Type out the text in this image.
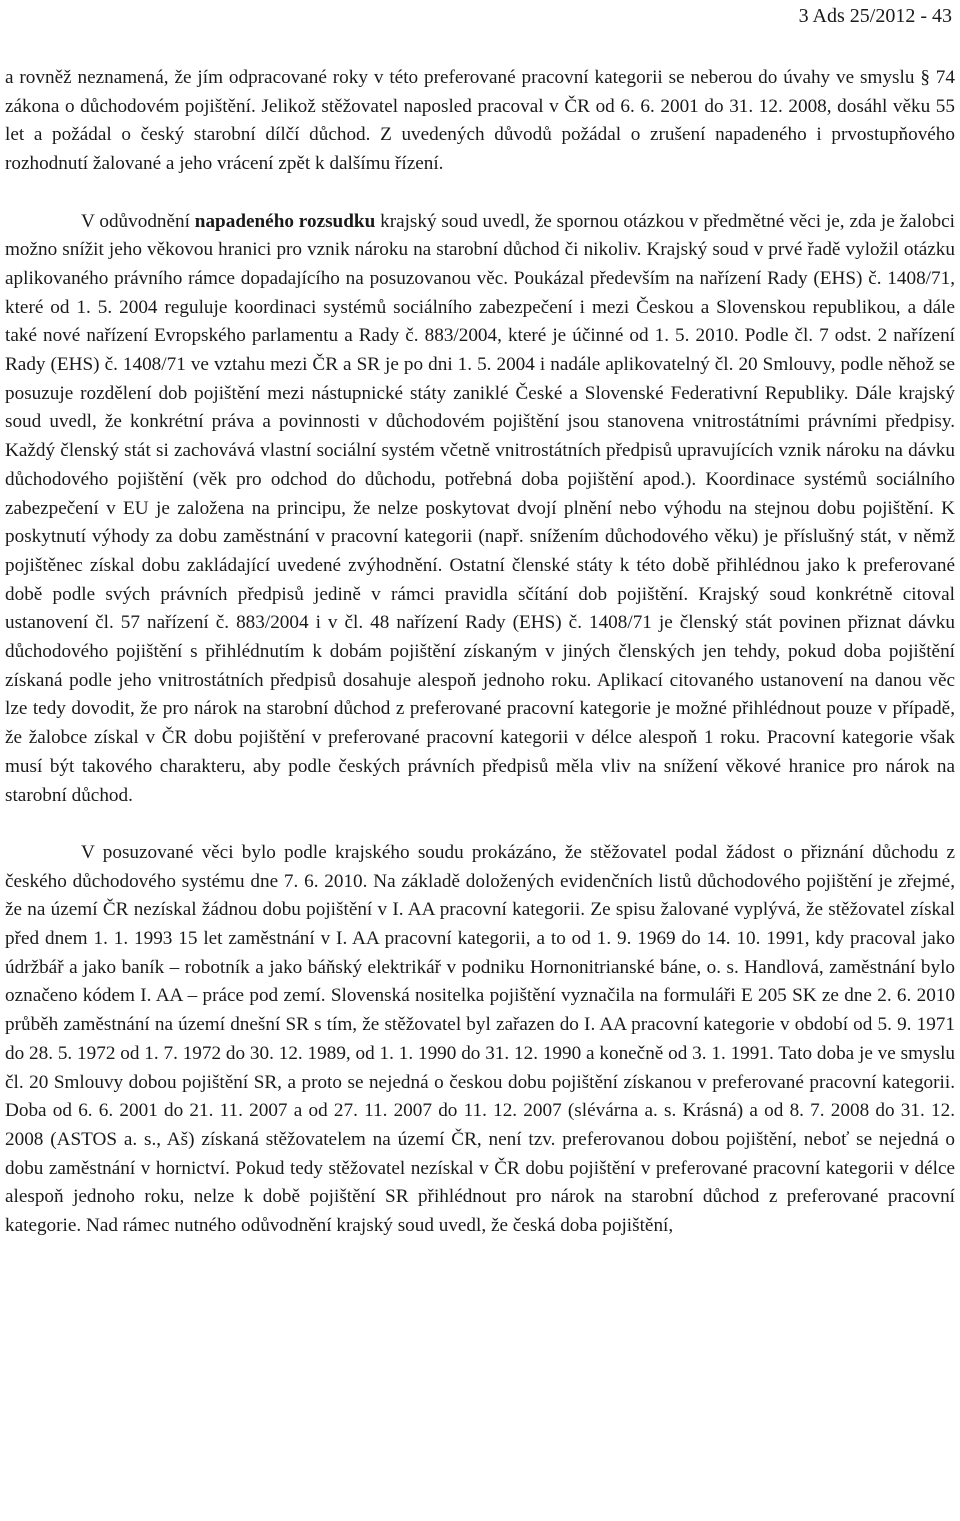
3 Ads 25/2012 - 43

a rovněž neznamená, že jím odpracované roky v této preferované pracovní kategorii se neberou do úvahy ve smyslu § 74 zákona o důchodovém pojištění. Jelikož stěžovatel naposled pracoval v ČR od 6. 6. 2001 do 31. 12. 2008, dosáhl věku 55 let a požádal o český starobní dílčí důchod. Z uvedených důvodů požádal o zrušení napadeného i prvostupňového rozhodnutí žalované a jeho vrácení zpět k dalšímu řízení.

V odůvodnění napadeného rozsudku krajský soud uvedl, že spornou otázkou v předmětné věci je, zda je žalobci možno snížit jeho věkovou hranici pro vznik nároku na starobní důchod či nikoliv. Krajský soud v prvé řadě vyložil otázku aplikovaného právního rámce dopadajícího na posuzovanou věc. Poukázal především na nařízení Rady (EHS) č. 1408/71, které od 1. 5. 2004 reguluje koordinaci systémů sociálního zabezpečení i mezi Českou a Slovenskou republikou, a dále také nové nařízení Evropského parlamentu a Rady č. 883/2004, které je účinné od 1. 5. 2010. Podle čl. 7 odst. 2 nařízení Rady (EHS) č. 1408/71 ve vztahu mezi ČR a SR je po dni 1. 5. 2004 i nadále aplikovatelný čl. 20 Smlouvy, podle něhož se posuzuje rozdělení dob pojištění mezi nástupnické státy zaniklé České a Slovenské Federativní Republiky. Dále krajský soud uvedl, že konkrétní práva a povinnosti v důchodovém pojištění jsou stanovena vnitrostátními právními předpisy. Každý členský stát si zachovává vlastní sociální systém včetně vnitrostátních předpisů upravujících vznik nároku na dávku důchodového pojištění (věk pro odchod do důchodu, potřebná doba pojištění apod.). Koordinace systémů sociálního zabezpečení v EU je založena na principu, že nelze poskytovat dvojí plnění nebo výhodu na stejnou dobu pojištění. K poskytnutí výhody za dobu zaměstnání v pracovní kategorii (např. snížením důchodového věku) je příslušný stát, v němž pojištěnec získal dobu zakládající uvedené zvýhodnění. Ostatní členské státy k této době přihlédnou jako k preferované době podle svých právních předpisů jedině v rámci pravidla sčítání dob pojištění. Krajský soud konkrétně citoval ustanovení čl. 57 nařízení č. 883/2004 i v čl. 48 nařízení Rady (EHS) č. 1408/71 je členský stát povinen přiznat dávku důchodového pojištění s přihlédnutím k dobám pojištění získaným v jiných členských jen tehdy, pokud doba pojištění získaná podle jeho vnitrostátních předpisů dosahuje alespoň jednoho roku. Aplikací citovaného ustanovení na danou věc lze tedy dovodit, že pro nárok na starobní důchod z preferované pracovní kategorie je možné přihlédnout pouze v případě, že žalobce získal v ČR dobu pojištění v preferované pracovní kategorii v délce alespoň 1 roku. Pracovní kategorie však musí být takového charakteru, aby podle českých právních předpisů měla vliv na snížení věkové hranice pro nárok na starobní důchod.

V posuzované věci bylo podle krajského soudu prokázáno, že stěžovatel podal žádost o přiznání důchodu z českého důchodového systému dne 7. 6. 2010. Na základě doložených evidenčních listů důchodového pojištění je zřejmé, že na území ČR nezískal žádnou dobu pojištění v I. AA pracovní kategorii. Ze spisu žalované vyplývá, že stěžovatel získal před dnem 1. 1. 1993 15 let zaměstnání v I. AA pracovní kategorii, a to od 1. 9. 1969 do 14. 10. 1991, kdy pracoval jako údržbář a jako baník – robotník a jako báňský elektrikář v podniku Hornonitrianské báne, o. s. Handlová, zaměstnání bylo označeno kódem I. AA – práce pod zemí. Slovenská nositelka pojištění vyznačila na formuláři E 205 SK ze dne 2. 6. 2010 průběh zaměstnání na území dnešní SR s tím, že stěžovatel byl zařazen do I. AA pracovní kategorie v období od 5. 9. 1971 do 28. 5. 1972 od 1. 7. 1972 do 30. 12. 1989, od 1. 1. 1990 do 31. 12. 1990 a konečně od 3. 1. 1991. Tato doba je ve smyslu čl. 20 Smlouvy dobou pojištění SR, a proto se nejedná o českou dobu pojištění získanou v preferované pracovní kategorii. Doba od 6. 6. 2001 do 21. 11. 2007 a od 27. 11. 2007 do 11. 12. 2007 (slévárna a. s. Krásná) a od 8. 7. 2008 do 31. 12. 2008 (ASTOS a. s., Aš) získaná stěžovatelem na území ČR, není tzv. preferovanou dobou pojištění, neboť se nejedná o dobu zaměstnání v hornictví. Pokud tedy stěžovatel nezískal v ČR dobu pojištění v preferované pracovní kategorii v délce alespoň jednoho roku, nelze k době pojištění SR přihlédnout pro nárok na starobní důchod z preferované pracovní kategorie. Nad rámec nutného odůvodnění krajský soud uvedl, že česká doba pojištění,
